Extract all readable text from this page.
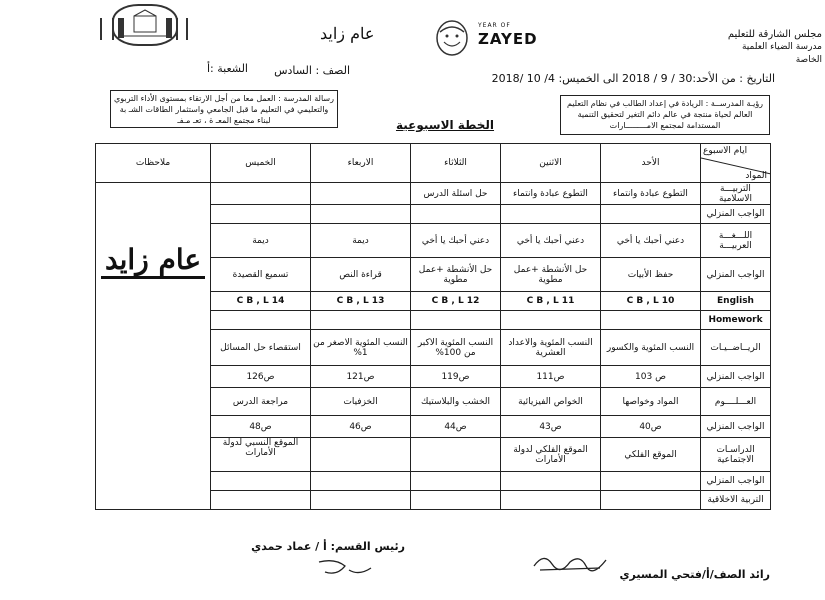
مجلس الشارقة للتعليم
مدرسة الضياء العلمية الخاصة
عام زايد	YEAR OF
ZAYED
التاريخ : من الأحد:30 / 9 / 2018 الى الخميس: 4/ 10 /2018
الصف : السادس
الشعبة :أ
رؤيـة المدرســة : الريادة في إعداد الطالب في نظام التعليم العالم لحياة منتجة في عالم دائم التغير لتحقيق التنمية المستدامة لمجتمع الامـــــــــارات
رسالة المدرسة : العمل معا من أجل الارتقاء بمستوى الأداء التربوي والتعليمي في التعليم ما قبل الجامعي واستثمار الطاقات الشـ بة لبناء مجتمع المعـ ة ، تعـ مـفـ	الخطة الاسبوعية
ايام الاسبوع
المواد	الأحد	الاثنين	الثلاثاء	الاربعاء	الخميس	ملاحظات
التربيـــة الاسلامية	التطوع عبادة وانتماء	التطوع عبادة وانتماء	حل اسئلة الدرس			عام زايد
الواجب المنزلي						
اللـــغـــة العربيـــة	دعني أحبك يا أخي	دعني أحبك يا أخي	دعني أحبك يا أخي	ديمة	ديمة	
الواجب المنزلي	حفظ الأبيات	حل الأنشطة +عمل مطوية	حل الأنشطة +عمل مطوية	قراءة النص	تسميع القصيدة	
English	C B , L 10	C B , L 11	C B , L 12	C B , L 13	C B , L 14	
Homework						
الريــاضــيـات	النسب المئوية والكسور	النسب المئوية والاعداد العشرية	النسب المئوية الاكبر من 100%	النسب المئوية الاصغر من 1%	استقصاء حل المسائل	
الواجب المنزلي	ص 103	ص111	ص119	ص121	ص126	
العـــلــــوم	المواد وخواصها	الخواص الفيزيائية	الخشب والبلاستيك	الخزفيات	مراجعة الدرس	
الواجب المنزلي	ص40	ص43	ص44	ص46	ص48	
الدراسـات الاجتماعية	الموقع الفلكي	الموقع الفلكي لدولة الأمارات			الموقع النسبي لدولة الأمارات	
الواجب المنزلي						
التربية الاخلاقية						
رائد الصف/أ/فتحي المسيري
رئيس القسم: أ / عماد حمدي
